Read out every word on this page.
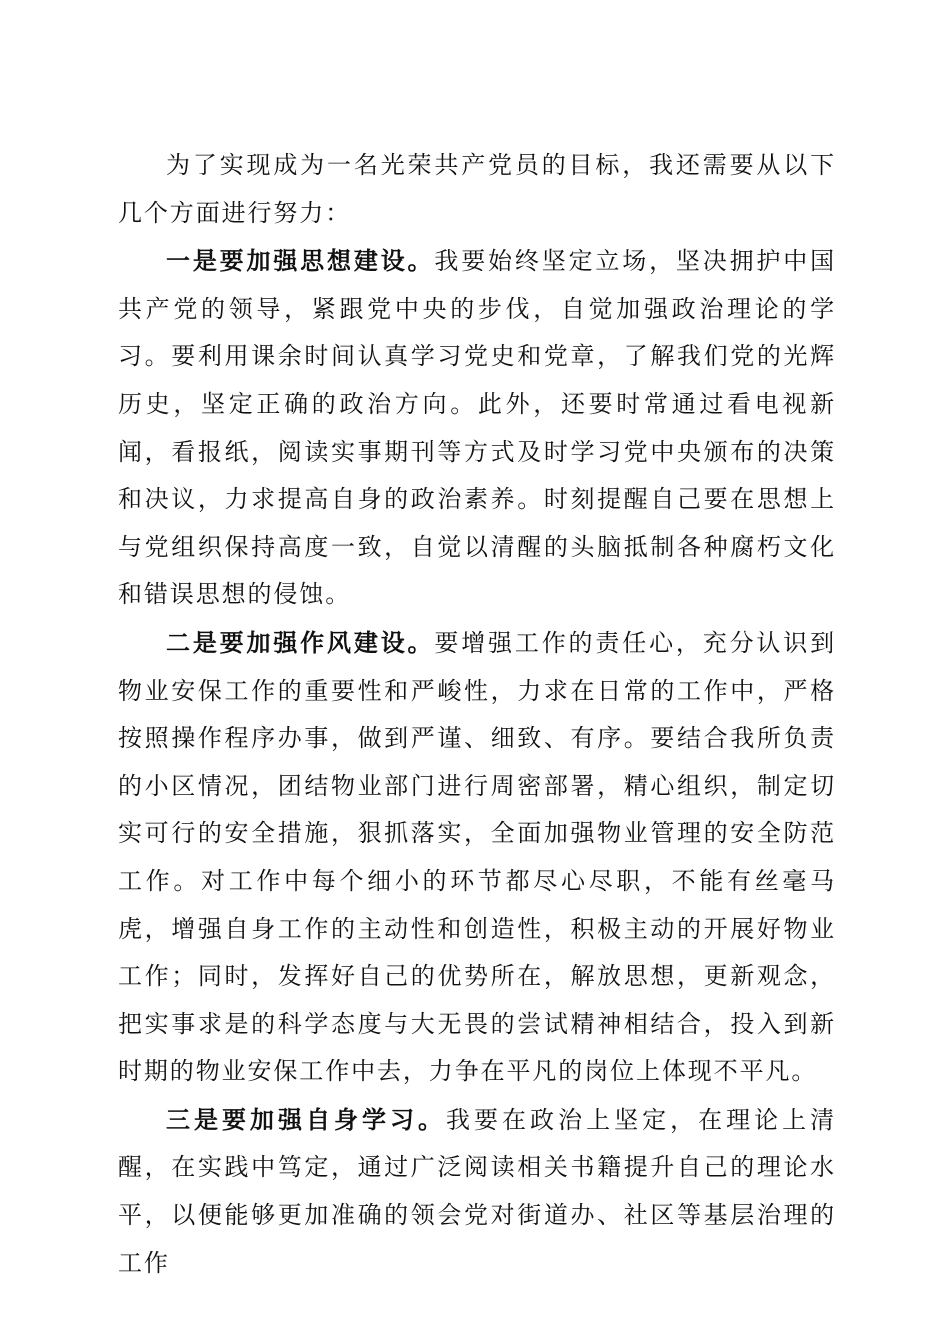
为了实现成为一名光荣共产党员的目标，我还需要从以下几个方面进行努力：

一是要加强思想建设。我要始终坚定立场，坚决拥护中国共产党的领导，紧跟党中央的步伐，自觉加强政治理论的学习。要利用课余时间认真学习党史和党章，了解我们党的光辉历史，坚定正确的政治方向。此外，还要时常通过看电视新闻，看报纸，阅读实事期刊等方式及时学习党中央颁布的决策和决议，力求提高自身的政治素养。时刻提醒自己要在思想上与党组织保持高度一致，自觉以清醒的头脑抵制各种腐朽文化和错误思想的侵蚀。

二是要加强作风建设。要增强工作的责任心，充分认识到物业安保工作的重要性和严峻性，力求在日常的工作中，严格按照操作程序办事，做到严谨、细致、有序。要结合我所负责的小区情况，团结物业部门进行周密部署，精心组织，制定切实可行的安全措施，狠抓落实，全面加强物业管理的安全防范工作。对工作中每个细小的环节都尽心尽职，不能有丝毫马虎，增强自身工作的主动性和创造性，积极主动的开展好物业工作；同时，发挥好自己的优势所在，解放思想，更新观念，把实事求是的科学态度与大无畏的尝试精神相结合，投入到新时期的物业安保工作中去，力争在平凡的岗位上体现不平凡。

三是要加强自身学习。我要在政治上坚定，在理论上清醒，在实践中笃定，通过广泛阅读相关书籍提升自己的理论水平，以便能够更加准确的领会党对街道办、社区等基层治理的工作
